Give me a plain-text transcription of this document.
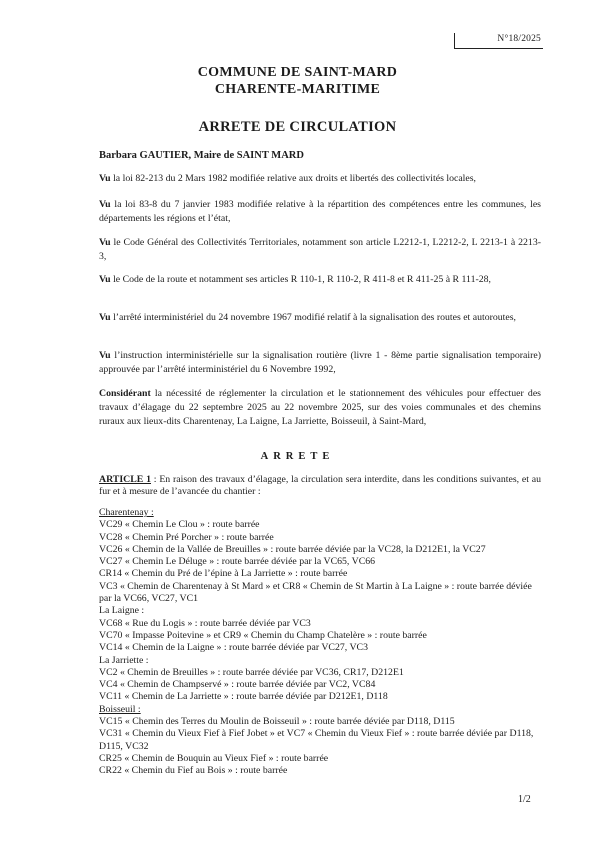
N°18/2025
COMMUNE DE SAINT-MARD
CHARENTE-MARITIME
ARRETE DE CIRCULATION
Barbara GAUTIER, Maire de SAINT MARD
Vu la loi 82-213 du 2 Mars 1982 modifiée relative aux droits et libertés des collectivités locales,
Vu la loi 83-8 du 7 janvier 1983 modifiée relative à la répartition des compétences entre les communes, les départements les régions et l’état,
Vu le Code Général des Collectivités Territoriales, notamment son article L2212-1, L2212-2, L 2213-1 à 2213-3,
Vu le Code de la route et notamment ses articles R 110-1, R 110-2, R 411-8 et R 411-25 à R 111-28,
Vu l’arrêté interministériel du 24 novembre 1967 modifié relatif à la signalisation des routes et autoroutes,
Vu l’instruction interministérielle sur la signalisation routière (livre 1 - 8ème partie signalisation temporaire) approuvée par l’arrêté interministériel du 6 Novembre 1992,
Considérant la nécessité de réglementer la circulation et le stationnement des véhicules pour effectuer des travaux d’élagage du 22 septembre 2025 au 22 novembre 2025, sur des voies communales et des chemins ruraux aux lieux-dits Charentenay, La Laigne, La Jarriette, Boisseuil, à Saint-Mard,
ARRETE
ARTICLE 1 : En raison des travaux d’élagage, la circulation sera interdite, dans les conditions suivantes, et au fur et à mesure de l’avancée du chantier :
Charentenay :
VC29 « Chemin Le Clou » : route barrée
VC28 « Chemin Pré Porcher » : route barrée
VC26 « Chemin de la Vallée de Breuilles » : route barrée déviée par la VC28, la D212E1, la VC27
VC27 « Chemin Le Déluge » : route barrée déviée par la VC65, VC66
CR14 « Chemin du Pré de l’épine à La Jarriette » : route barrée
VC3 « Chemin de Charentenay à St Mard » et CR8 « Chemin de St Martin à La Laigne » : route barrée déviée par la VC66, VC27, VC1
La Laigne :
VC68 « Rue du Logis » : route barrée déviée par VC3
VC70 « Impasse Poitevine » et CR9 « Chemin du Champ Chatelère » : route barrée
VC14 « Chemin de la Laigne » : route barrée déviée par VC27, VC3
La Jarriette :
VC2 « Chemin de Breuilles » : route barrée déviée par VC36, CR17, D212E1
VC4 « Chemin de Champservé » : route barrée déviée par VC2, VC84
VC11 « Chemin de La Jarriette » : route barrée déviée par D212E1, D118
Boisseuil :
VC15 « Chemin des Terres du Moulin de Boisseuil » : route barrée déviée par D118, D115
VC31 « Chemin du Vieux Fief à Fief Jobet » et VC7 « Chemin du Vieux Fief » : route barrée déviée par D118, D115, VC32
CR25 « Chemin de Bouquin au Vieux Fief » : route barrée
CR22 « Chemin du Fief au Bois » : route barrée
1/2
